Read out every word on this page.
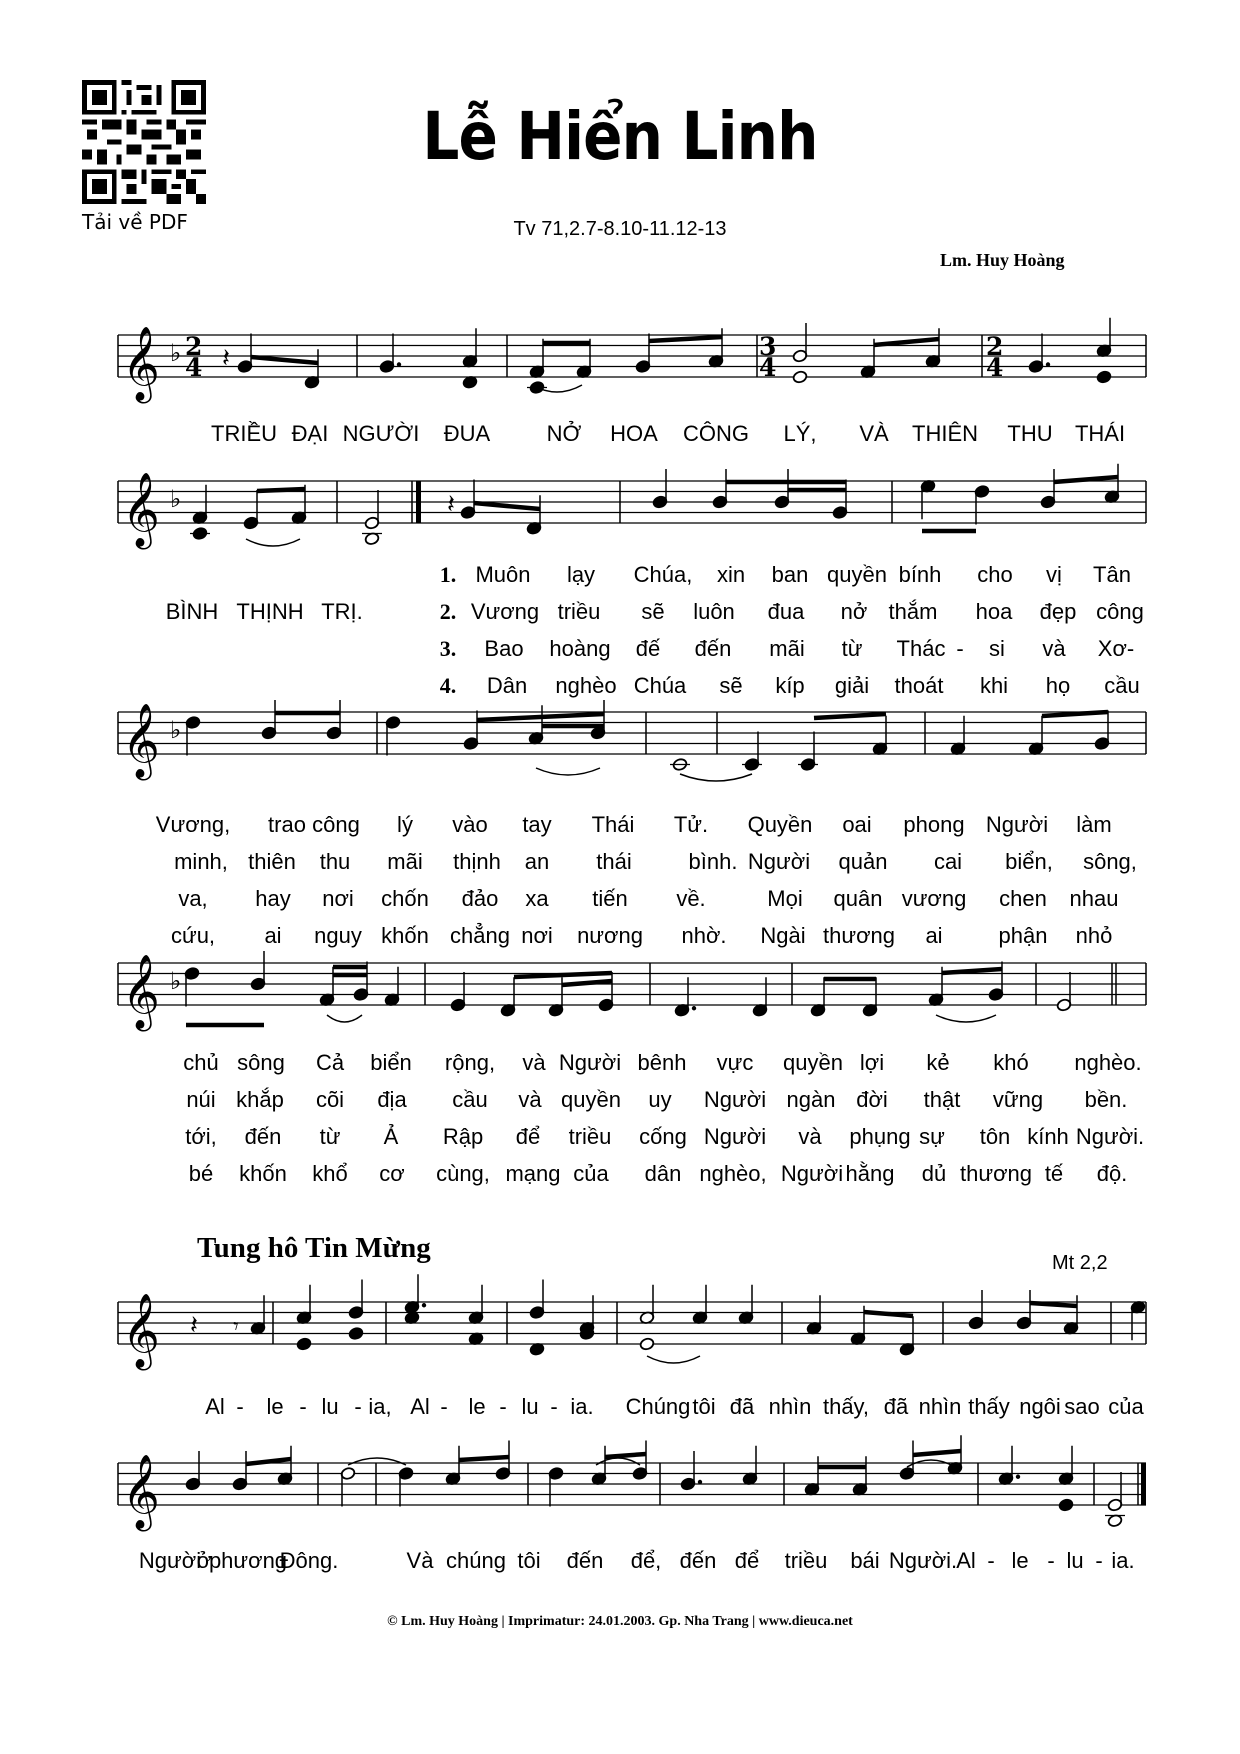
Tải về PDF
Lễ Hiển Linh
Tv 71,2.7-8.10-11.12-13
Lm. Huy Hoàng
𝄞 ♭ 2
4 𝄽	3
4
2
4
𝄞 ♭	𝄽
𝄞 ♭
𝄞 ♭
𝄞 𝄽 𝄾
𝄞
TRIỀU ĐẠI NGƯỜI ĐUA	NỞ HOA CÔNG LÝ, VÀ THIÊN THU THÁI
BÌNH THỊNH TRỊ.
1.
2.
3.
4.
Muôn lạy Chúa, xin ban quyền bính cho vị Tân
Vương triều sẽ luôn đua nở thắm hoa đẹp công
Bao hoàng đế đến mãi từ Thác - si và Xơ-
Dân nghèo Chúa sẽ kíp giải thoát khi họ cầu
Vương, trao công lý vào tay Thái Tử. Quyền oai phong Người làm
minh, thiên thu mãi thịnh an thái	bình. Người quản cai biển, sông,
va, hay nơi chốn đảo xa tiến về.	Mọi quân vương chen nhau
cứu, ai nguy khốn chẳng nơi nương nhờ. Ngài thương ai	phận nhỏ
chủ sông Cả biển rộng, và Người bênh vực quyền lợi kẻ khó nghèo.
núi khắp cõi địa cầu và quyền uy Người ngàn đời thật vững bền.
tới, đến từ Ả Rập để triều cống Người và phụng sự tôn kính Người.
bé khốn khổ cơ cùng, mạng của dân nghèo, Người hằng dủ thương tế độ.
Al - le - lu - ia, Al - le - lu - ia. Chúng tôi đã nhìn thấy, đã nhìn thấy ngôi sao của
Người
ở
phương
Đông.	Và chúng tôi đến để, đến để triều bái Người. Al - le - lu - ia.
Tung hô Tin Mừng	Mt 2,2
© Lm. Huy Hoàng | Imprimatur: 24.01.2003. Gp. Nha Trang | www.dieuca.net
